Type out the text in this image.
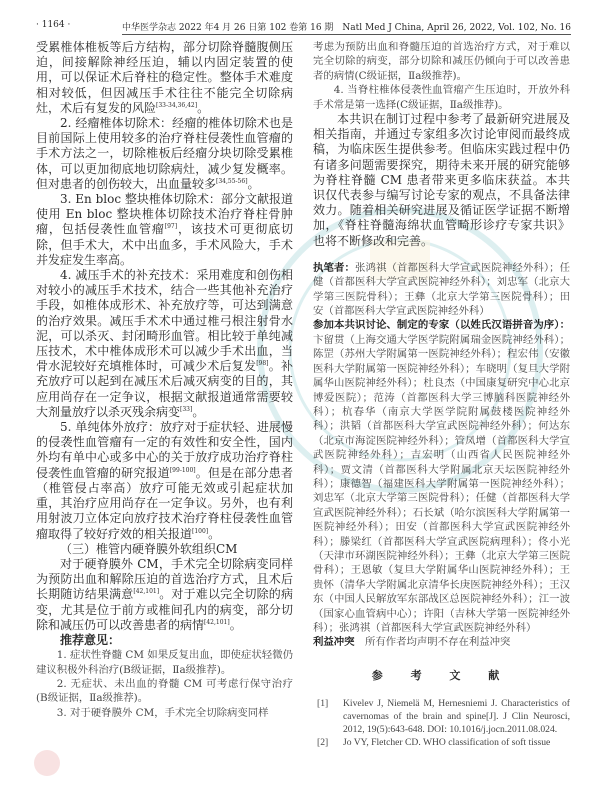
· 1164 ·	中华医学杂志 2022 年4 月 26 日第 102 卷第 16 期　Natl Med J China, April 26, 2022, Vol. 102, No. 16

受累椎体椎板等后方结构，部分切除脊髓腹侧压迫，间接解除神经压迫，辅以内固定装置的使用，可以保证术后脊柱的稳定性。整体手术难度相对较低，但因减压手术往往不能完全切除病灶，术后有复发的风险[33-34,36,42]。

2. 经瘤椎体切除术：经瘤的椎体切除术也是目前国际上使用较多的治疗脊柱侵袭性血管瘤的手术方法之一，切除椎板后经瘤分块切除受累椎体，可以更加彻底地切除病灶，减少复发概率。但对患者的创伤较大，出血量较多[34,55-56]。

3. En bloc 整块椎体切除术：部分文献报道使用 En bloc 整块椎体切除技术治疗脊柱骨肿瘤，包括侵袭性血管瘤[97]，该技术可更彻底切除，但手术大，术中出血多，手术风险大，手术并发症发生率高。

4. 减压手术的补充技术：采用难度和创伤相对较小的减压手术技术，结合一些其他补充治疗手段，如椎体成形术、补充放疗等，可达到满意的治疗效果。减压手术术中通过椎弓根注射骨水泥，可以杀灭、封闭畸形血管。相比较于单纯减压技术，术中椎体成形术可以减少手术出血，当骨水泥较好充填椎体时，可减少术后复发[98]。补充放疗可以起到在减压术后减灭病变的目的，其应用尚存在一定争议，根据文献报道通常需要较大剂量放疗以杀灭残余病变[33]。

5. 单纯体外放疗：放疗对于症状轻、进展慢的侵袭性血管瘤有一定的有效性和安全性，国内外均有单中心或多中心的关于放疗成功治疗脊柱侵袭性血管瘤的研究报道[99-100]。但是在部分患者（椎管侵占率高）放疗可能无效或引起症状加重，其治疗应用尚存在一定争议。另外，也有利用射波刀立体定向放疗技术治疗脊柱侵袭性血管瘤取得了较好疗效的相关报道[100]。

（三）椎管内硬脊膜外软组织CM

对于硬脊膜外 CM，手术完全切除病变同样为预防出血和解除压迫的首选治疗方式，且术后长期随访结果满意[42,101]。对于难以完全切除的病变，尤其是位于前方或椎间孔内的病变，部分切除和减压仍可以改善患者的病情[42,101]。

推荐意见：

1. 症状性脊髓 CM 如果反复出血，即使症状轻微仍建议积极外科治疗(B级证据，Ⅱa级推荐)。

2. 无症状、未出血的脊髓 CM 可考虑行保守治疗(B级证据，Ⅱa级推荐)。

3. 对于硬脊膜外 CM，手术完全切除病变同样

考虑为预防出血和脊髓压迫的首选治疗方式，对于难以完全切除的病变，部分切除和减压仍倾向于可以改善患者的病情(C级证据，Ⅱa级推荐)。

4. 当脊柱椎体侵袭性血管瘤产生压迫时，开放外科手术常是第一选择(C级证据，Ⅱa级推荐)。

本共识在制订过程中参考了最新研究进展及相关指南，并通过专家组多次讨论审阅而最终成稿，为临床医生提供参考。但临床实践过程中仍有诸多问题需要探究，期待未来开展的研究能够为脊柱脊髓 CM 患者带来更多临床获益。本共识仅代表参与编写讨论专家的观点，不具备法律效力。随着相关研究进展及循证医学证据不断增加，《脊柱脊髓海绵状血管畸形诊疗专家共识》也将不断修改和完善。

执笔者：张鸿祺（首都医科大学宣武医院神经外科）；任健（首都医科大学宣武医院神经外科）；刘忠军（北京大学第三医院骨科）；王彝（北京大学第三医院骨科）；田安（首都医科大学宣武医院神经外科）

参加本共识讨论、制定的专家（以姓氏汉语拼音为序）：卞留贯（上海交通大学医学院附属瑞金医院神经外科）；陈罡（苏州大学附属第一医院神经外科）；程宏伟（安徽医科大学附属第一医院神经外科）；车晓明（复旦大学附属华山医院神经外科）；杜良杰（中国康复研究中心北京博爱医院）；范涛（首都医科大学三博脑科医院神经外科）；杭春华（南京大学医学院附属鼓楼医院神经外科）；洪韬（首都医科大学宣武医院神经外科）；何达东（北京市海淀医院神经外科）；管凤增（首都医科大学宣武医院神经外科）；吉宏明（山西省人民医院神经外科）；贾文清（首都医科大学附属北京天坛医院神经外科）；康德智（福建医科大学附属第一医院神经外科）；刘忠军（北京大学第三医院骨科）；任健（首都医科大学宣武医院神经外科）；石长斌（哈尔滨医科大学附属第一医院神经外科）；田安（首都医科大学宣武医院神经外科）；滕梁红（首都医科大学宣武医院病理科）；佟小光（天津市环湖医院神经外科）；王彝（北京大学第三医院骨科）；王恩敏（复旦大学附属华山医院神经外科）；王贵怀（清华大学附属北京清华长庚医院神经外科）；王汉东（中国人民解放军东部战区总医院神经外科）；江一波（国家心血管病中心）；许阳（吉林大学第一医院神经外科）；张鸿祺（首都医科大学宣武医院神经外科）

利益冲突　 所有作者均声明不存在利益冲突

参 考 文 献
[1]	Kivelev J, Niemelä M, Hernesniemi J. Characteristics of cavernomas of the brain and spine[J]. J Clin Neurosci, 2012, 19(5):643-648. DOI: 10.1016/j.jocn.2011.08.024.
[2]	Jo VY, Fletcher CD. WHO classification of soft tissue
